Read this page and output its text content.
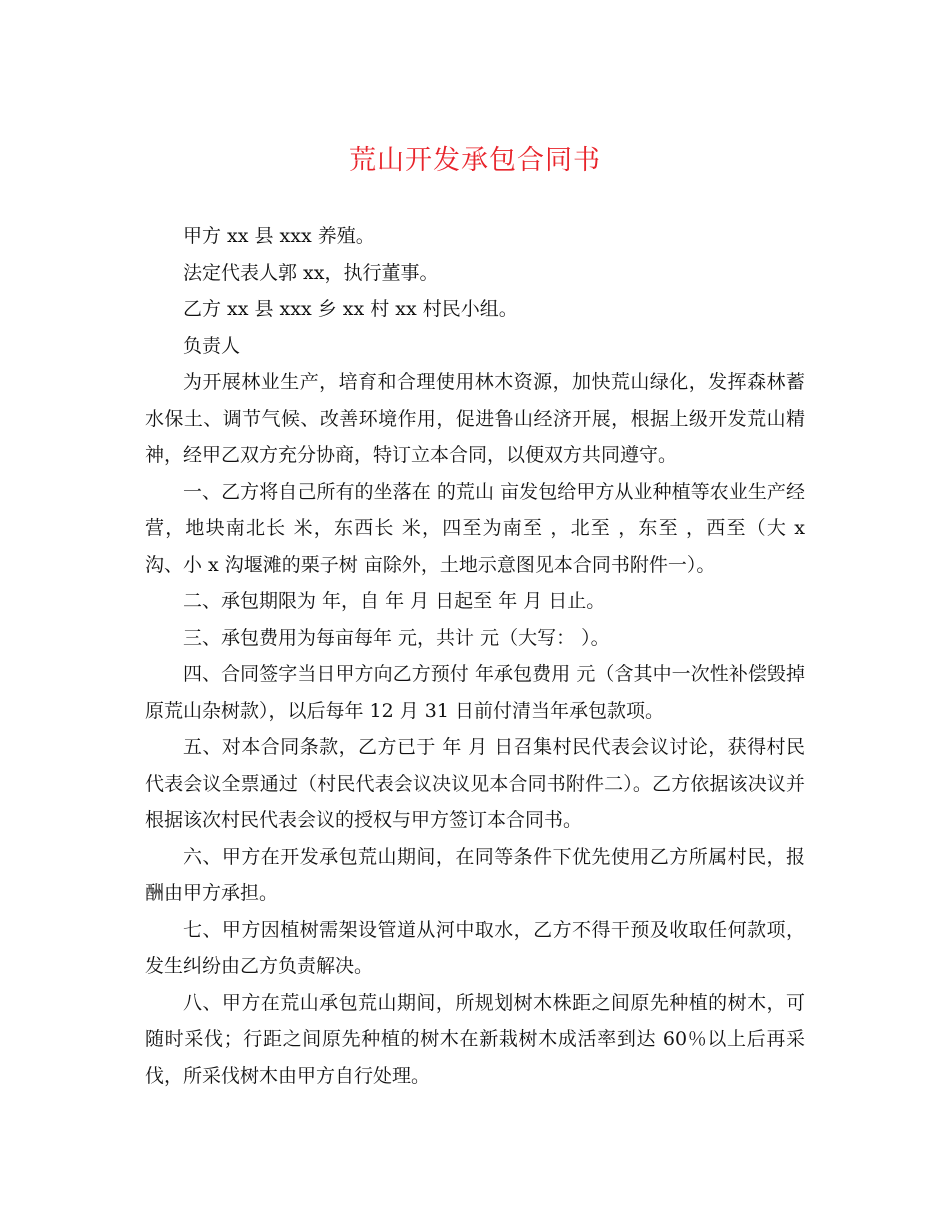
荒山开发承包合同书

甲方 xx 县 xxx 养殖。

法定代表人郭 xx，执行董事。

乙方 xx 县 xxx 乡 xx 村 xx 村民小组。

负责人

为开展林业生产，培育和合理使用林木资源，加快荒山绿化，发挥森林蓄水保土、调节气候、改善环境作用，促进鲁山经济开展，根据上级开发荒山精神，经甲乙双方充分协商，特订立本合同，以便双方共同遵守。

一、乙方将自己所有的坐落在 的荒山 亩发包给甲方从业种植等农业生产经营，地块南北长 米，东西长 米，四至为南至 ，北至 ，东至 ，西至（大 x 沟、小 x 沟堰滩的栗子树 亩除外，土地示意图见本合同书附件一）。

二、承包期限为 年，自 年 月 日起至 年 月 日止。

三、承包费用为每亩每年 元，共计 元（大写： ）。

四、合同签字当日甲方向乙方预付 年承包费用 元（含其中一次性补偿毁掉原荒山杂树款），以后每年 12 月 31 日前付清当年承包款项。

五、对本合同条款，乙方已于 年 月 日召集村民代表会议讨论，获得村民代表会议全票通过（村民代表会议决议见本合同书附件二）。乙方依据该决议并根据该次村民代表会议的授权与甲方签订本合同书。

六、甲方在开发承包荒山期间，在同等条件下优先使用乙方所属村民，报酬由甲方承担。

七、甲方因植树需架设管道从河中取水，乙方不得干预及收取任何款项，发生纠纷由乙方负责解决。

八、甲方在荒山承包荒山期间，所规划树木株距之间原先种植的树木，可随时采伐；行距之间原先种植的树木在新栽树木成活率到达 60％以上后再采伐，所采伐树木由甲方自行处理。
